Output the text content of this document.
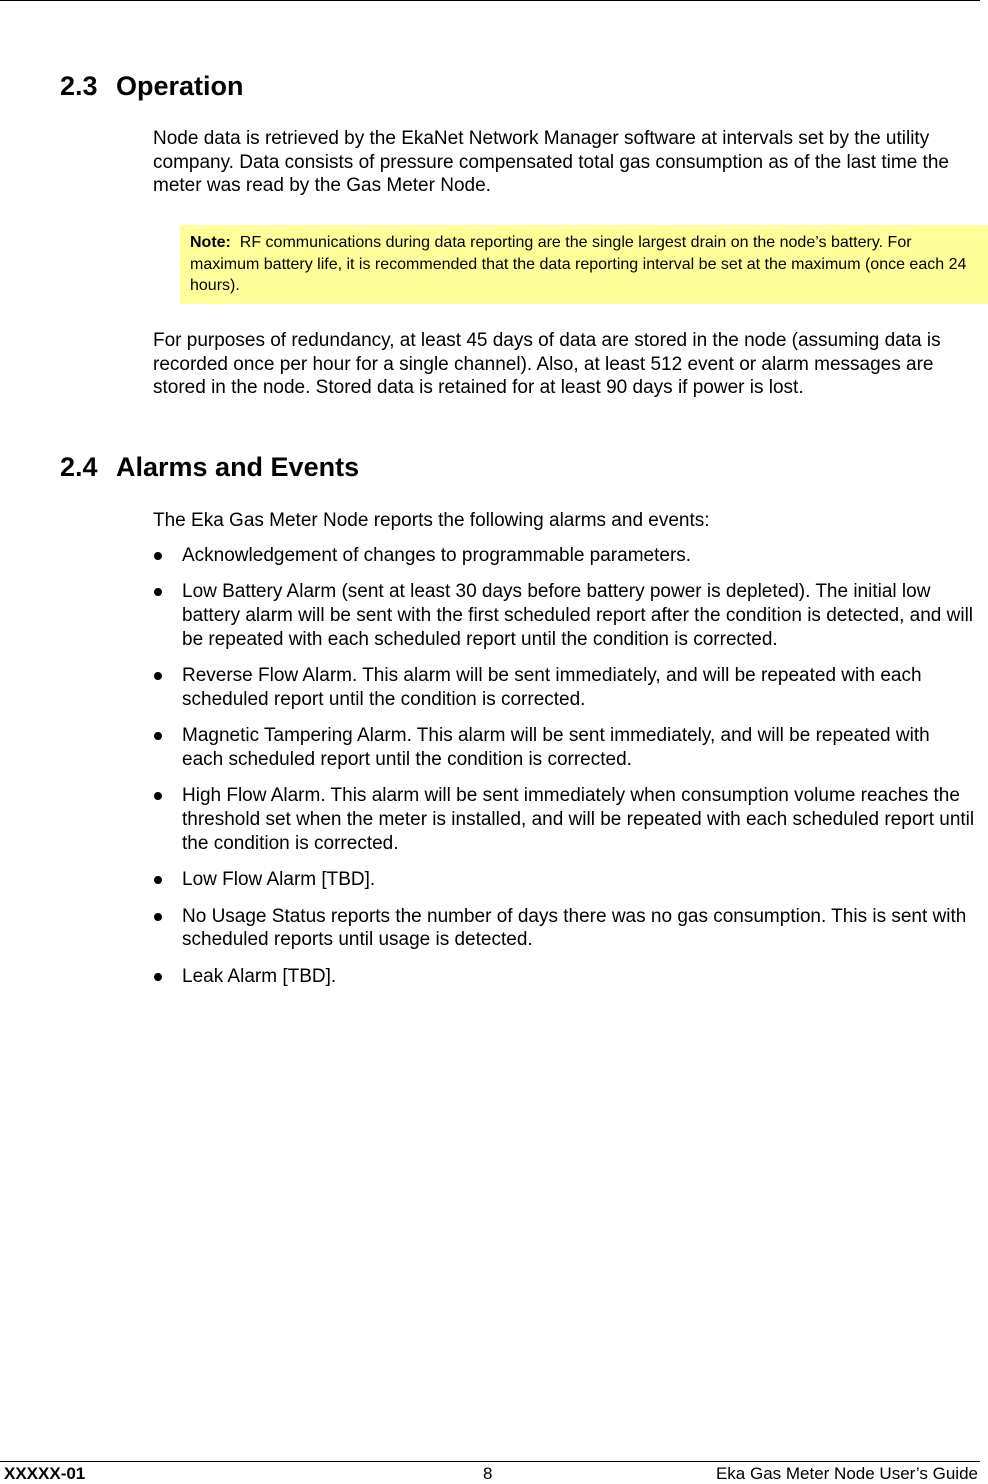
2.3 Operation

Node data is retrieved by the EkaNet Network Manager software at intervals set by the utility company. Data consists of pressure compensated total gas consumption as of the last time the meter was read by the Gas Meter Node.

Note: RF communications during data reporting are the single largest drain on the node’s battery. For maximum battery life, it is recommended that the data reporting interval be set at the maximum (once each 24 hours).

For purposes of redundancy, at least 45 days of data are stored in the node (assuming data is recorded once per hour for a single channel). Also, at least 512 event or alarm messages are stored in the node. Stored data is retained for at least 90 days if power is lost.

2.4 Alarms and Events

The Eka Gas Meter Node reports the following alarms and events:

Acknowledgement of changes to programmable parameters.
Low Battery Alarm (sent at least 30 days before battery power is depleted). The initial low battery alarm will be sent with the first scheduled report after the condition is detected, and will be repeated with each scheduled report until the condition is corrected.
Reverse Flow Alarm. This alarm will be sent immediately, and will be repeated with each scheduled report until the condition is corrected.
Magnetic Tampering Alarm. This alarm will be sent immediately, and will be repeated with each scheduled report until the condition is corrected.
High Flow Alarm. This alarm will be sent immediately when consumption volume reaches the threshold set when the meter is installed, and will be repeated with each scheduled report until the condition is corrected.
Low Flow Alarm [TBD].
No Usage Status reports the number of days there was no gas consumption. This is sent with scheduled reports until usage is detected.
Leak Alarm [TBD].
XXXXX-01	8	Eka Gas Meter Node User’s Guide
